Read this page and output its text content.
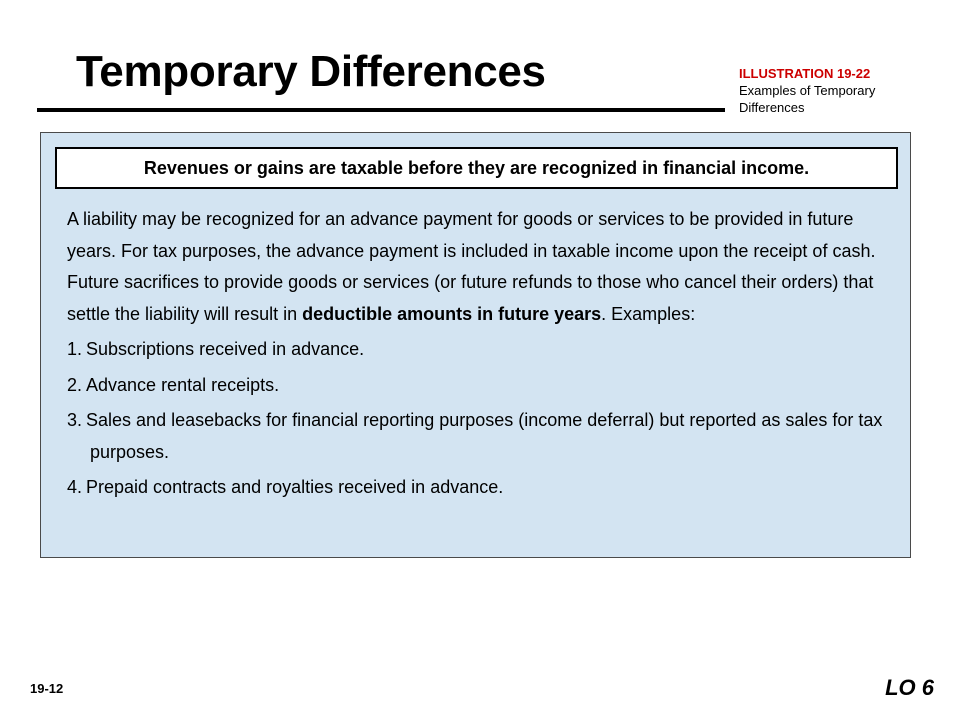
Temporary Differences	ILLUSTRATION 19-22
Examples of Temporary Differences
Revenues or gains are taxable before they are recognized in financial income.

A liability may be recognized for an advance payment for goods or services to be provided in future years. For tax purposes, the advance payment is included in taxable income upon the receipt of cash. Future sacrifices to provide goods or services (or future refunds to those who cancel their orders) that settle the liability will result in deductible amounts in future years. Examples:

1. Subscriptions received in advance.
2. Advance rental receipts.
3. Sales and leasebacks for financial reporting purposes (income deferral) but reported as sales for tax purposes.
4. Prepaid contracts and royalties received in advance.
19-12	LO 6
